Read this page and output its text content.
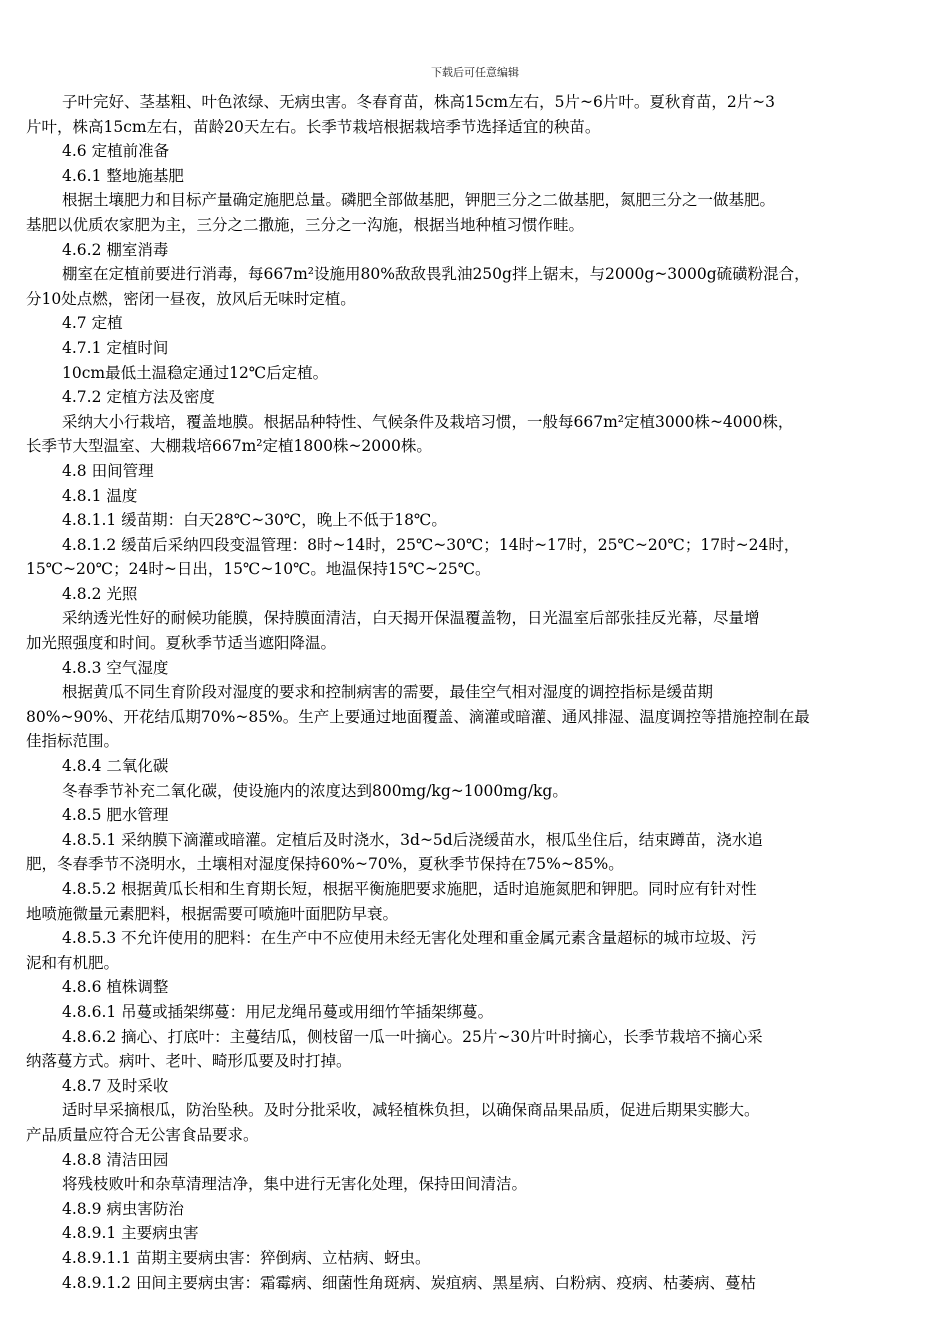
下载后可任意编辑

子叶完好、茎基粗、叶色浓绿、无病虫害。冬春育苗，株高15cm左右，5片~6片叶。夏秋育苗，2片~3

片叶，株高15cm左右，苗龄20天左右。长季节栽培根据栽培季节选择适宜的秧苗。

4.6 定植前准备

4.6.1 整地施基肥

根据土壤肥力和目标产量确定施肥总量。磷肥全部做基肥，钾肥三分之二做基肥，氮肥三分之一做基肥。

基肥以优质农家肥为主，三分之二撒施，三分之一沟施，根据当地种植习惯作畦。

4.6.2 棚室消毒

棚室在定植前要进行消毒，每667m²设施用80%敌敌畏乳油250g拌上锯末，与2000g~3000g硫磺粉混合，

分10处点燃，密闭一昼夜，放风后无味时定植。

4.7 定植

4.7.1 定植时间

10cm最低土温稳定通过12℃后定植。

4.7.2 定植方法及密度

采纳大小行栽培，覆盖地膜。根据品种特性、气候条件及栽培习惯，一般每667m²定植3000株~4000株，

长季节大型温室、大棚栽培667m²定植1800株~2000株。

4.8 田间管理

4.8.1 温度

4.8.1.1 缓苗期：白天28℃~30℃，晚上不低于18℃。

4.8.1.2 缓苗后采纳四段变温管理：8时~14时，25℃~30℃；14时~17时，25℃~20℃；17时~24时，

15℃~20℃；24时~日出，15℃~10℃。地温保持15℃~25℃。

4.8.2 光照

采纳透光性好的耐候功能膜，保持膜面清洁，白天揭开保温覆盖物，日光温室后部张挂反光幕，尽量增

加光照强度和时间。夏秋季节适当遮阳降温。

4.8.3 空气湿度

根据黄瓜不同生育阶段对湿度的要求和控制病害的需要，最佳空气相对湿度的调控指标是缓苗期

80%~90%、开花结瓜期70%~85%。生产上要通过地面覆盖、滴灌或暗灌、通风排湿、温度调控等措施控制在最

佳指标范围。

4.8.4 二氧化碳

冬春季节补充二氧化碳，使设施内的浓度达到800mg/kg~1000mg/kg。

4.8.5 肥水管理

4.8.5.1 采纳膜下滴灌或暗灌。定植后及时浇水，3d~5d后浇缓苗水，根瓜坐住后，结束蹲苗，浇水追

肥，冬春季节不浇明水，土壤相对湿度保持60%~70%，夏秋季节保持在75%~85%。

4.8.5.2 根据黄瓜长相和生育期长短，根据平衡施肥要求施肥，适时追施氮肥和钾肥。同时应有针对性

地喷施微量元素肥料，根据需要可喷施叶面肥防早衰。

4.8.5.3 不允许使用的肥料：在生产中不应使用未经无害化处理和重金属元素含量超标的城市垃圾、污

泥和有机肥。

4.8.6 植株调整

4.8.6.1 吊蔓或插架绑蔓：用尼龙绳吊蔓或用细竹竿插架绑蔓。

4.8.6.2 摘心、打底叶：主蔓结瓜，侧枝留一瓜一叶摘心。25片~30片叶时摘心，长季节栽培不摘心采

纳落蔓方式。病叶、老叶、畸形瓜要及时打掉。

4.8.7 及时采收

适时早采摘根瓜，防治坠秧。及时分批采收，减轻植株负担，以确保商品果品质，促进后期果实膨大。

产品质量应符合无公害食品要求。

4.8.8 清洁田园

将残枝败叶和杂草清理洁净，集中进行无害化处理，保持田间清洁。

4.8.9 病虫害防治

4.8.9.1 主要病虫害

4.8.9.1.1 苗期主要病虫害：猝倒病、立枯病、蚜虫。

4.8.9.1.2 田间主要病虫害：霜霉病、细菌性角斑病、炭疽病、黑星病、白粉病、疫病、枯萎病、蔓枯
